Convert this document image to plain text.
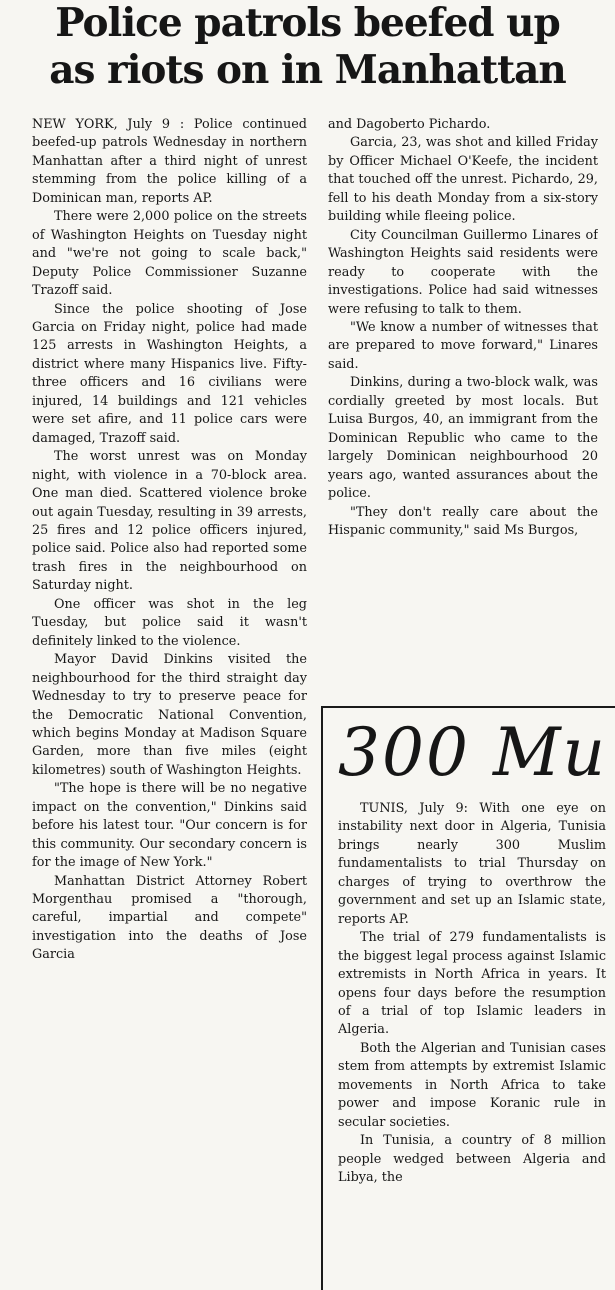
Police patrols beefed up
as riots on in Manhattan

NEW YORK, July 9 : Police continued beefed-up patrols Wednesday in northern Manhattan after a third night of unrest stemming from the police killing of a Dominican man, reports AP.

There were 2,000 police on the streets of Washington Heights on Tuesday night and "we're not going to scale back," Deputy Police Commissioner Suzanne Trazoff said.

Since the police shooting of Jose Garcia on Friday night, police had made 125 arrests in Washington Heights, a district where many Hispanics live. Fifty-three officers and 16 civilians were injured, 14 buildings and 121 vehicles were set afire, and 11 police cars were damaged, Trazoff said.

The worst unrest was on Monday night, with violence in a 70-block area. One man died. Scattered violence broke out again Tuesday, resulting in 39 arrests, 25 fires and 12 police officers injured, police said. Police also had reported some trash fires in the neighbourhood on Saturday night.

One officer was shot in the leg Tuesday, but police said it wasn't definitely linked to the violence.

Mayor David Dinkins visited the neighbourhood for the third straight day Wednesday to try to preserve peace for the Democratic National Convention, which begins Monday at Madison Square Garden, more than five miles (eight kilometres) south of Washington Heights.

"The hope is there will be no negative impact on the convention," Dinkins said before his latest tour. "Our concern is for this community. Our secondary concern is for the image of New York."

Manhattan District Attorney Robert Morgenthau promised a "thorough, careful, impartial and compete" investigation into the deaths of Jose Garcia

and Dagoberto Pichardo.

Garcia, 23, was shot and killed Friday by Officer Michael O'Keefe, the incident that touched off the unrest. Pichardo, 29, fell to his death Monday from a six-story building while fleeing police.

City Councilman Guillermo Linares of Washington Heights said residents were ready to cooperate with the investigations. Police had said witnesses were refusing to talk to them.

"We know a number of witnesses that are prepared to move forward," Linares said.

Dinkins, during a two-block walk, was cordially greeted by most locals. But Luisa Burgos, 40, an immigrant from the Dominican Republic who came to the largely Dominican neighbourhood 20 years ago, wanted assurances about the police.

"They don't really care about the Hispanic community," said Ms Burgos,

300 Mu

TUNIS, July 9: With one eye on instability next door in Algeria, Tunisia brings nearly 300 Muslim fundamentalists to trial Thursday on charges of trying to overthrow the government and set up an Islamic state, reports AP.

The trial of 279 fundamentalists is the biggest legal process against Islamic extremists in North Africa in years. It opens four days before the resumption of a trial of top Islamic leaders in Algeria.

Both the Algerian and Tunisian cases stem from attempts by extremist Islamic movements in North Africa to take power and impose Koranic rule in secular societies.

In Tunisia, a country of 8 million people wedged between Algeria and Libya, the
